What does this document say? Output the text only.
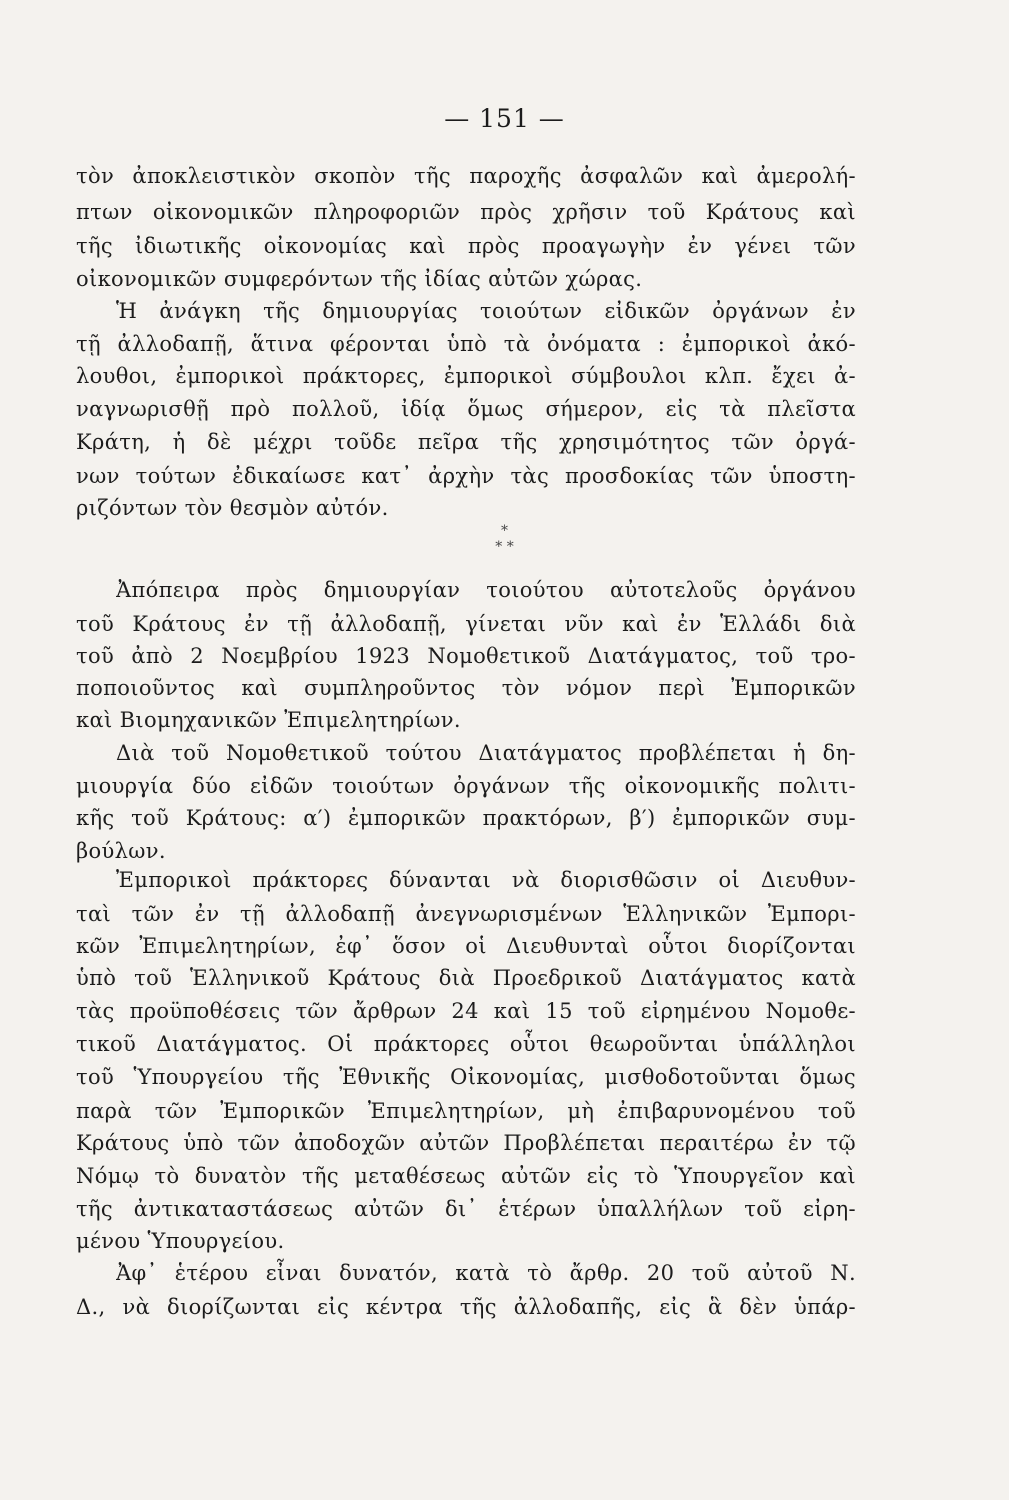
— 151 —
τὸν ἀποκλειστικὸν σκοπὸν τῆς παροχῆς ἀσφαλῶν καὶ ἀμερολή-
πτων οἰκονομικῶν πληροφοριῶν πρὸς χρῆσιν τοῦ Κράτους καὶ
τῆς ἰδιωτικῆς οἰκονομίας καὶ πρὸς προαγωγὴν ἐν γένει τῶν
οἰκονομικῶν συμφερόντων τῆς ἰδίας αὐτῶν χώρας.
Ἡ ἀνάγκη τῆς δημιουργίας τοιούτων εἰδικῶν ὀργάνων ἐν
τῇ ἀλλοδαπῇ, ἅτινα φέρονται ὑπὸ τὰ ὀνόματα : ἐμπορικοὶ ἀκό-
λουθοι, ἐμπορικοὶ πράκτορες, ἐμπορικοὶ σύμβουλοι κλπ. ἔχει ἀ-
ναγνωρισθῇ πρὸ πολλοῦ, ἰδίᾳ ὅμως σήμερον, εἰς τὰ πλεῖστα
Κράτη, ἡ δὲ μέχρι τοῦδε πεῖρα τῆς χρησιμότητος τῶν ὀργά-
νων τούτων ἐδικαίωσε κατ᾽ ἀρχὴν τὰς προσδοκίας τῶν ὑποστη-
ριζόντων τὸν θεσμὸν αὐτόν.
*
* *
Ἀπόπειρα πρὸς δημιουργίαν τοιούτου αὐτοτελοῦς ὀργάνου
τοῦ Κράτους ἐν τῇ ἀλλοδαπῇ, γίνεται νῦν καὶ ἐν Ἑλλάδι διὰ
τοῦ ἀπὸ 2 Νοεμβρίου 1923 Νομοθετικοῦ Διατάγματος, τοῦ τρο-
ποποιοῦντος καὶ συμπληροῦντος τὸν νόμον περὶ Ἐμπορικῶν
καὶ Βιομηχανικῶν Ἐπιμελητηρίων.
Διὰ τοῦ Νομοθετικοῦ τούτου Διατάγματος προβλέπεται ἡ δη-
μιουργία δύο εἰδῶν τοιούτων ὀργάνων τῆς οἰκονομικῆς πολιτι-
κῆς τοῦ Κράτους: α′) ἐμπορικῶν πρακτόρων, β′) ἐμπορικῶν συμ-
βούλων.
Ἐμπορικοὶ πράκτορες δύνανται νὰ διορισθῶσιν οἱ Διευθυν-
ταὶ τῶν ἐν τῇ ἀλλοδαπῇ ἀνεγνωρισμένων Ἑλληνικῶν Ἐμπορι-
κῶν Ἐπιμελητηρίων, ἐφ᾽ ὅσον οἱ Διευθυνταὶ οὗτοι διορίζονται
ὑπὸ τοῦ Ἑλληνικοῦ Κράτους διὰ Προεδρικοῦ Διατάγματος κατὰ
τὰς προϋποθέσεις τῶν ἄρθρων 24 καὶ 15 τοῦ εἰρημένου Νομοθε-
τικοῦ Διατάγματος. Οἱ πράκτορες οὗτοι θεωροῦνται ὑπάλληλοι
τοῦ Ὑπουργείου τῆς Ἐθνικῆς Οἰκονομίας, μισθοδοτοῦνται ὅμως
παρὰ τῶν Ἐμπορικῶν Ἐπιμελητηρίων, μὴ ἐπιβαρυνομένου τοῦ
Κράτους ὑπὸ τῶν ἀποδοχῶν αὐτῶν Προβλέπεται περαιτέρω ἐν τῷ
Νόμῳ τὸ δυνατὸν τῆς μεταθέσεως αὐτῶν εἰς τὸ Ὑπουργεῖον καὶ
τῆς ἀντικαταστάσεως αὐτῶν δι᾽ ἑτέρων ὑπαλλήλων τοῦ εἰρη-
μένου Ὑπουργείου.
Ἀφ᾽ ἑτέρου εἶναι δυνατόν, κατὰ τὸ ἄρθρ. 20 τοῦ αὐτοῦ Ν.
Δ., νὰ διορίζωνται εἰς κέντρα τῆς ἀλλοδαπῆς, εἰς ἃ δὲν ὑπάρ-
